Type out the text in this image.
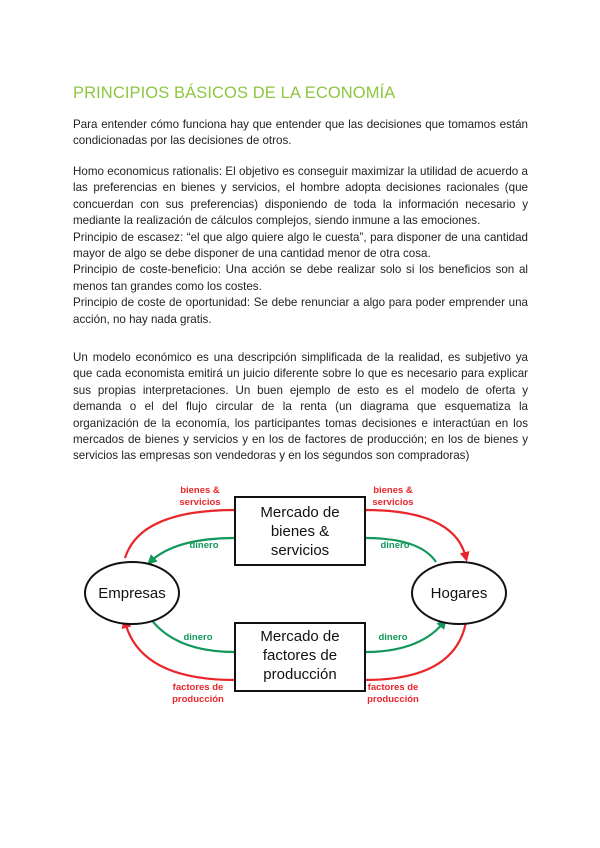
PRINCIPIOS BÁSICOS DE LA ECONOMÍA

Para entender cómo funciona hay que entender que las decisiones que tomamos están condicionadas por las decisiones de otros.

Homo economicus rationalis: El objetivo es conseguir maximizar la utilidad de acuerdo a las preferencias en bienes y servicios, el hombre adopta decisiones racionales (que concuerdan con sus preferencias) disponiendo de toda la información necesario y mediante la realización de cálculos complejos, siendo inmune a las emociones.

Principio de escasez: “el que algo quiere algo le cuesta”, para disponer de una cantidad mayor de algo se debe disponer de una cantidad menor de otra cosa.

Principio de coste-beneficio: Una acción se debe realizar solo si los beneficios son al menos tan grandes como los costes.

Principio de coste de oportunidad: Se debe renunciar a algo para poder emprender una acción, no hay nada gratis.

Un modelo económico es una descripción simplificada de la realidad, es subjetivo ya que cada economista emitirá un juicio diferente sobre lo que es necesario para explicar sus propias interpretaciones. Un buen ejemplo de esto es el modelo de oferta y demanda o el del flujo circular de la renta (un diagrama que esquematiza la organización de la economía, los participantes tomas decisiones e interactúan en los mercados de bienes y servicios y en los de factores de producción; en los de bienes y servicios las empresas son vendedoras y en los segundos son compradoras)

Mercado de
bienes &
servicios
Mercado de
factores de
producción
Empresas	Hogares
bienes &
servicios
bienes &
servicios
factores de
producción
factores de
producción
dinero	dinero
dinero	dinero
